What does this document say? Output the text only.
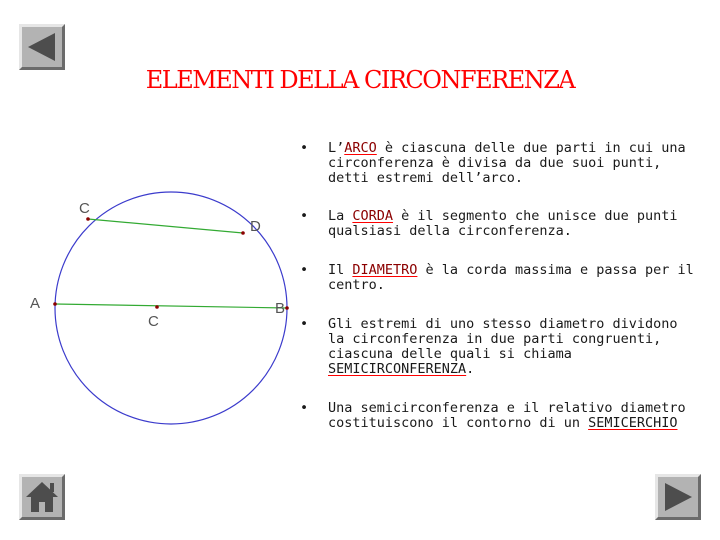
ELEMENTI DELLA CIRCONFERENZA
C
D
A	B
C
•	L’ARCO è ciascuna delle due parti in cui una circonferenza è divisa da due suoi punti, detti estremi dell’arco.
•	La CORDA è il segmento che unisce due punti qualsiasi della circonferenza.
•	Il DIAMETRO è la corda massima e passa per il centro.
•	Gli estremi di uno stesso diametro dividono la circonferenza in due parti congruenti, ciascuna delle quali si chiama SEMICIRCONFERENZA.
•	Una semicirconferenza e il relativo diametro costituiscono il contorno di un SEMICERCHIO
